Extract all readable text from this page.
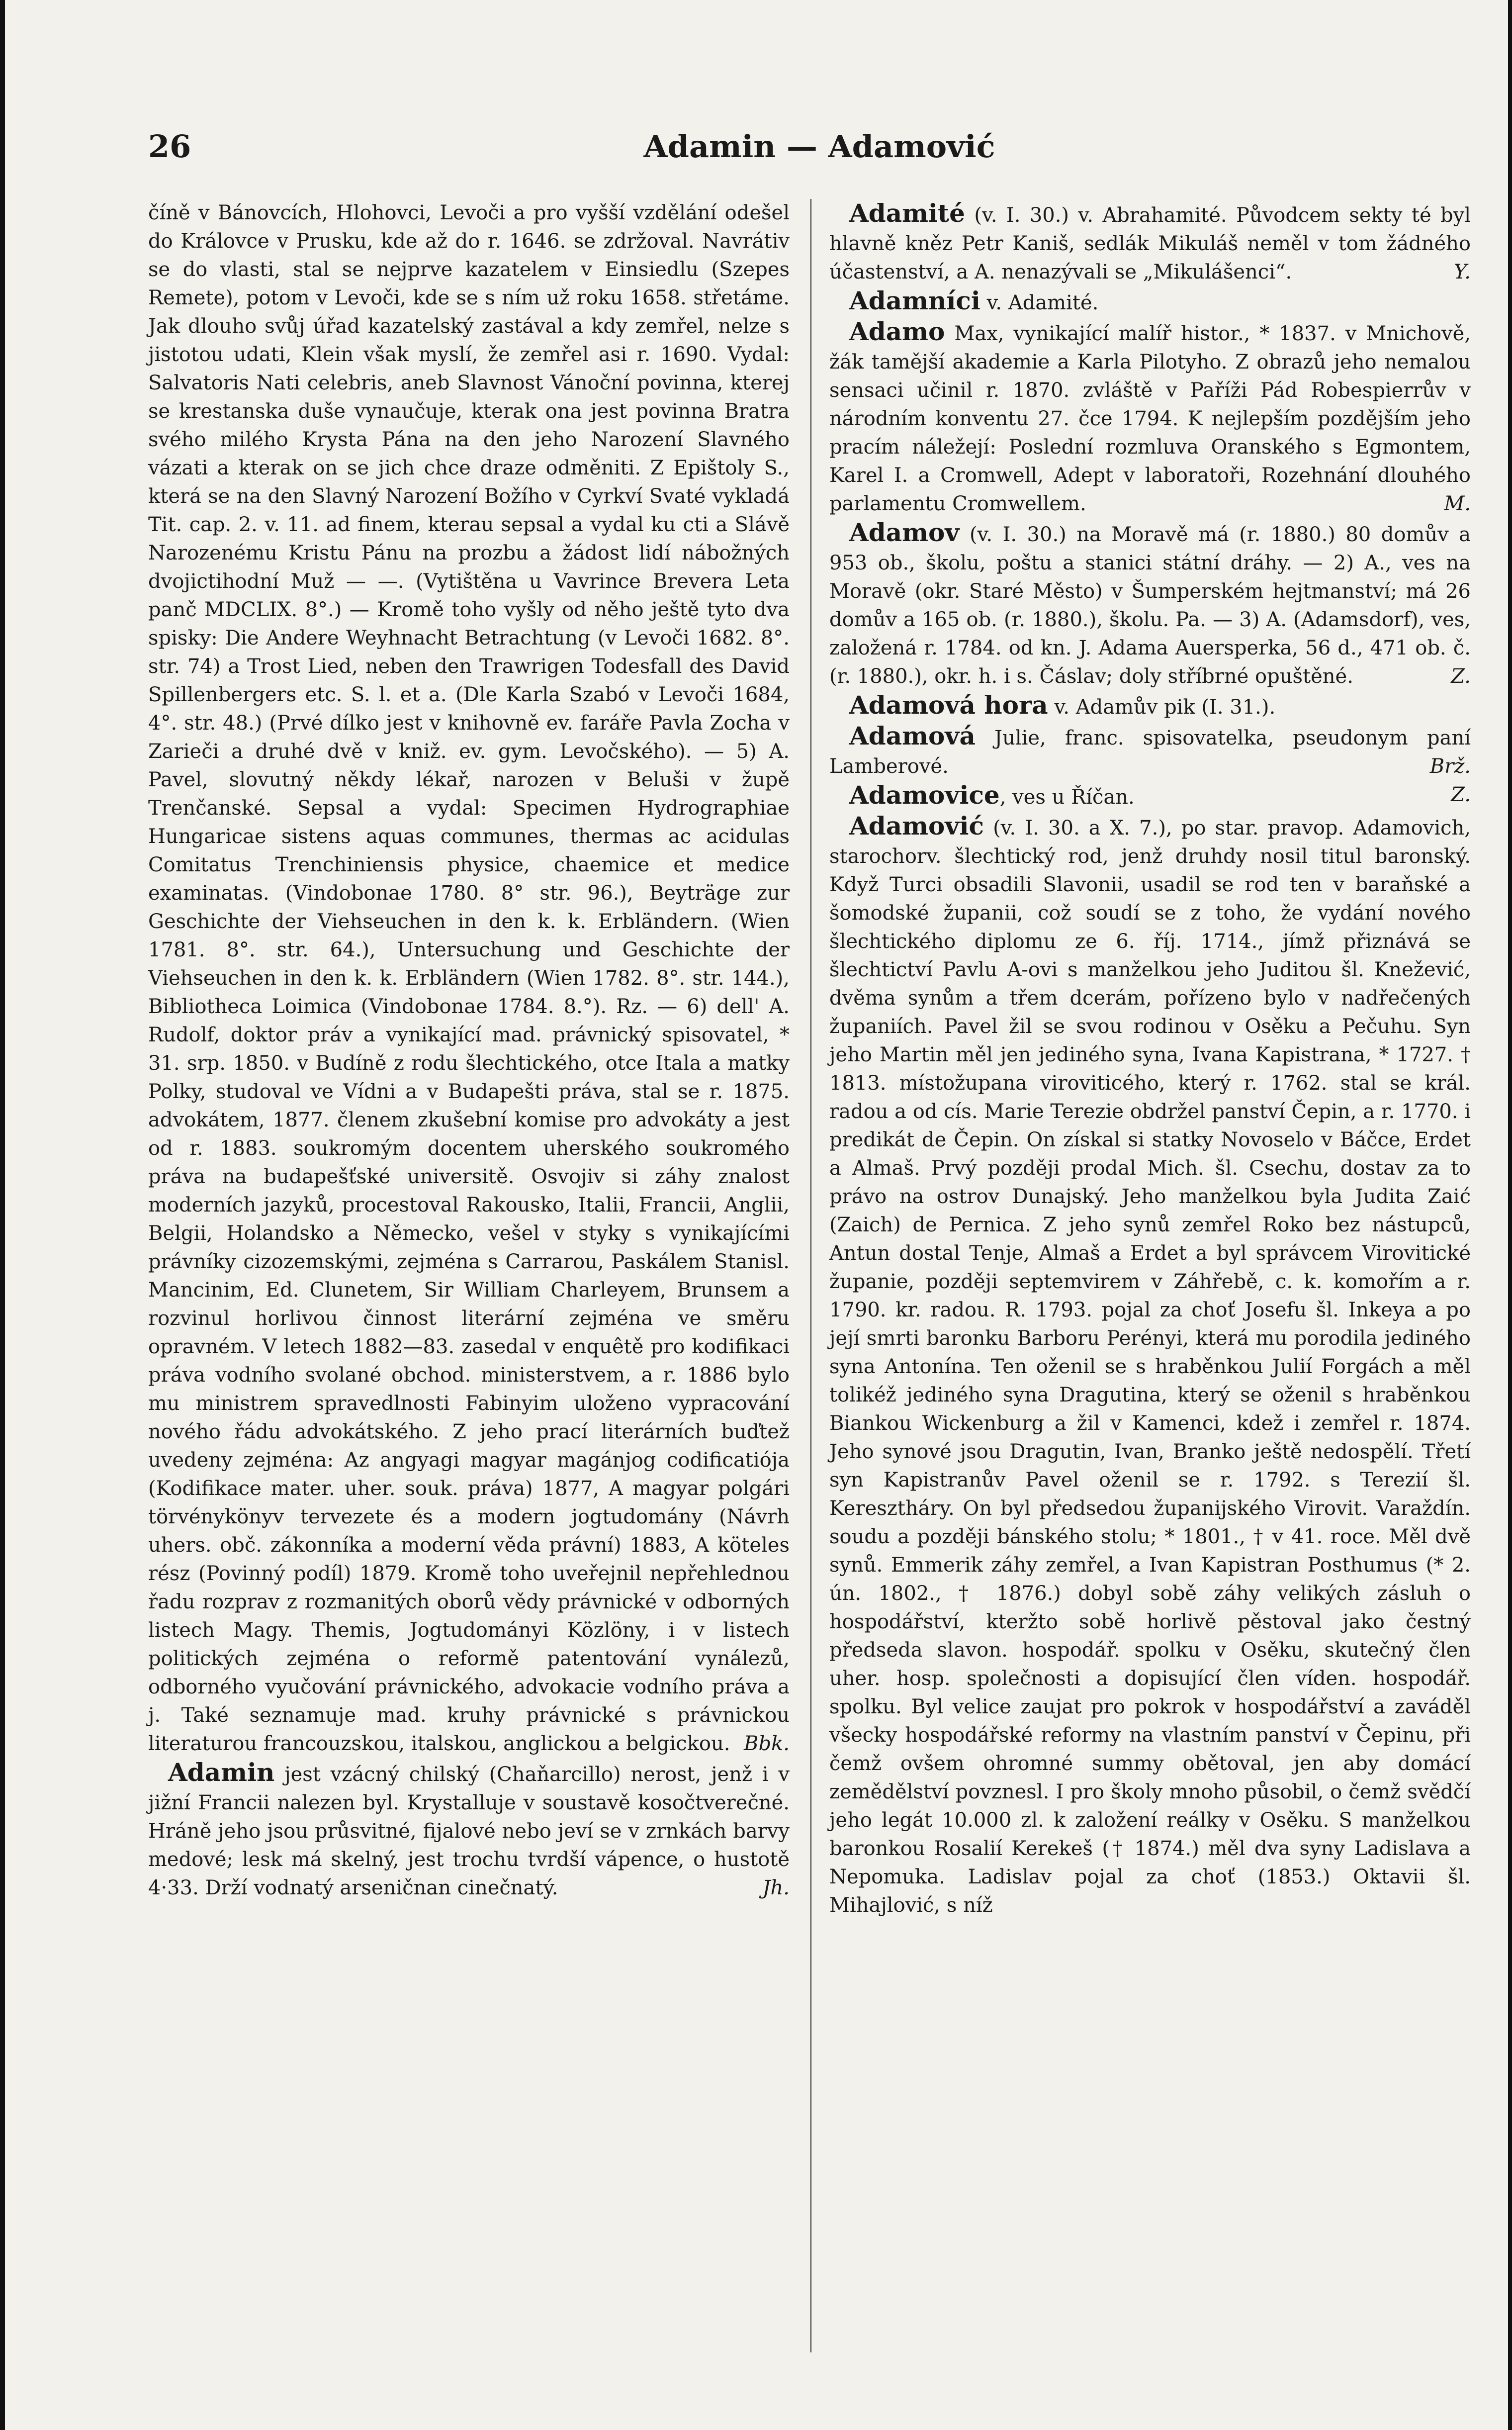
26	Adamin — Adamović

číně v Bánovcích, Hlohovci, Levoči a pro vyšší vzdělání odešel do Královce v Prusku, kde až do r. 1646. se zdržoval. Navrátiv se do vlasti, stal se nejprve kazatelem v Einsiedlu (Szepes Remete), potom v Levoči, kde se s ním už roku 1658. střetáme. Jak dlouho svůj úřad kazatelský zastával a kdy zemřel, nelze s jistotou udati, Klein však myslí, že zemřel asi r. 1690. Vydal: Salvatoris Nati celebris, aneb Slavnost Vánoční povinna, kterej se krestanska duše vynaučuje, kterak ona jest povinna Bratra svého milého Krysta Pána na den jeho Narození Slavného vázati a kterak on se jich chce draze odměniti. Z Epištoly S., která se na den Slavný Narození Božího v Cyrkví Svaté vykladá Tit. cap. 2. v. 11. ad finem, kterau sepsal a vydal ku cti a Slávě Narozenému Kristu Pánu na prozbu a žádost lidí nábožných dvojictihodní Muž — —. (Vytištěna u Vavrince Brevera Leta panč MDCLIX. 8°.) — Kromě toho vyšly od něho ještě tyto dva spisky: Die Andere Weyhnacht Betrachtung (v Levoči 1682. 8°. str. 74) a Trost Lied, neben den Trawrigen Todesfall des David Spillenbergers etc. S. l. et a. (Dle Karla Szabó v Levoči 1684, 4°. str. 48.) (Prvé dílko jest v knihovně ev. faráře Pavla Zocha v Zarieči a druhé dvě v kniž. ev. gym. Levočského). — 5) A. Pavel, slovutný někdy lékař, narozen v Beluši v župě Trenčanské. Sepsal a vydal: Specimen Hydrographiae Hungaricae sistens aquas communes, thermas ac acidulas Comitatus Trenchiniensis physice, chaemice et medice examinatas. (Vindobonae 1780. 8° str. 96.), Beyträge zur Geschichte der Viehseuchen in den k. k. Erbländern. (Wien 1781. 8°. str. 64.), Untersuchung und Geschichte der Viehseuchen in den k. k. Erbländern (Wien 1782. 8°. str. 144.), Bibliotheca Loimica (Vindobonae 1784. 8.°). Rz. — 6) dell' A. Rudolf, doktor práv a vynikající mad. právnický spisovatel, * 31. srp. 1850. v Budíně z rodu šlechtického, otce Itala a matky Polky, studoval ve Vídni a v Budapešti práva, stal se r. 1875. advokátem, 1877. členem zkušební komise pro advokáty a jest od r. 1883. soukromým docentem uherského soukromého práva na budapešťské universitě. Osvojiv si záhy znalost moderních jazyků, procestoval Rakousko, Italii, Francii, Anglii, Belgii, Holandsko a Německo, vešel v styky s vynikajícími právníky cizozemskými, zejména s Carrarou, Paskálem Stanisl. Mancinim, Ed. Clunetem, Sir William Charleyem, Brunsem a rozvinul horlivou činnost literární zejména ve směru opravném. V letech 1882—83. zasedal v enquêtě pro kodifikaci práva vodního svolané obchod. ministerstvem, a r. 1886 bylo mu ministrem spravedlnosti Fabinyim uloženo vypracování nového řádu advokátského. Z jeho prací literárních buďtež uvedeny zejména: Az angyagi magyar magánjog codificatiója (Kodifikace mater. uher. souk. práva) 1877, A magyar polgári törvénykönyv tervezete és a modern jogtudomány (Návrh uhers. obč. zákonníka a moderní věda právní) 1883, A köteles rész (Povinný podíl) 1879. Kromě toho uveřejnil nepřehlednou řadu rozprav z rozmanitých oborů vědy právnické v odborných listech Magy. Themis, Jogtudományi Közlöny, i v listech politických zejména o reformě patentování vynálezů, odborného vyučování právnického, advokacie vodního práva a j. Také seznamuje mad. kruhy právnické s právnickou literaturou francouzskou, italskou, anglickou a belgickou. Bbk.

Adamin jest vzácný chilský (Chaňarcillo) nerost, jenž i v jižní Francii nalezen byl. Krystalluje v soustavě kosočtverečné. Hráně jeho jsou průsvitné, fijalové nebo jeví se v zrnkách barvy medové; lesk má skelný, jest trochu tvrdší vápence, o hustotě 4·33. Drží vodnatý arseničnan cinečnatý.	Jh.

Adamité (v. I. 30.) v. Abrahamité. Původcem sekty té byl hlavně kněz Petr Kaniš, sedlák Mikuláš neměl v tom žádného účastenství, a A. nenazývali se „Mikulášenci“.	Y.

Adamníci v. Adamité.

Adamo Max, vynikající malíř histor., * 1837. v Mnichově, žák tamější akademie a Karla Pilotyho. Z obrazů jeho nemalou sensaci učinil r. 1870. zvláště v Paříži Pád Robespierrův v národním konventu 27. čce 1794. K nejlepším pozdějším jeho pracím náležejí: Poslední rozmluva Oranského s Egmontem, Karel I. a Cromwell, Adept v laboratoři, Rozehnání dlouhého parlamentu Cromwellem.	M.

Adamov (v. I. 30.) na Moravě má (r. 1880.) 80 domův a 953 ob., školu, poštu a stanici státní dráhy. — 2) A., ves na Moravě (okr. Staré Město) v Šumperském hejtmanství; má 26 domův a 165 ob. (r. 1880.), školu. Pa. — 3) A. (Adamsdorf), ves, založená r. 1784. od kn. J. Adama Auersperka, 56 d., 471 ob. č. (r. 1880.), okr. h. i s. Čáslav; doly stříbrné opuštěné.	Z.

Adamová hora v. Adamův pik (I. 31.).

Adamová Julie, franc. spisovatelka, pseudonym paní Lamberové.	Brž.

Adamovice, ves u Říčan.	Z.

Adamović (v. I. 30. a X. 7.), po star. pravop. Adamovich, starochorv. šlechtický rod, jenž druhdy nosil titul baronský. Když Turci obsadili Slavonii, usadil se rod ten v baraňské a šomodské županii, což soudí se z toho, že vydání nového šlechtického diplomu ze 6. říj. 1714., jímž přiznává se šlechtictví Pavlu A-ovi s manželkou jeho Juditou šl. Knežević, dvěma synům a třem dcerám, pořízeno bylo v nadřečených županiích. Pavel žil se svou rodinou v Osěku a Pečuhu. Syn jeho Martin měl jen jediného syna, Ivana Kapistrana, * 1727. † 1813. místožupana viroviticého, který r. 1762. stal se král. radou a od cís. Marie Terezie obdržel panství Čepin, a r. 1770. i predikát de Čepin. On získal si statky Novoselo v Báčce, Erdet a Almaš. Prvý později prodal Mich. šl. Csechu, dostav za to právo na ostrov Dunajský. Jeho manželkou byla Judita Zaić (Zaich) de Pernica. Z jeho synů zemřel Roko bez nástupců, Antun dostal Tenje, Almaš a Erdet a byl správcem Virovitické županie, později septemvirem v Záhřebě, c. k. komořím a r. 1790. kr. radou. R. 1793. pojal za choť Josefu šl. Inkeya a po její smrti baronku Barboru Perényi, která mu porodila jediného syna Antonína. Ten oženil se s hraběnkou Julií Forgách a měl tolikéž jediného syna Dragutina, který se oženil s hraběnkou Biankou Wickenburg a žil v Kamenci, kdež i zemřel r. 1874. Jeho synové jsou Dragutin, Ivan, Branko ještě nedospělí. Třetí syn Kapistranův Pavel oženil se r. 1792. s Terezií šl. Keresztháry. On byl předsedou županijského Virovit. Varaždín. soudu a později bánského stolu; * 1801., † v 41. roce. Měl dvě synů. Emmerik záhy zemřel, a Ivan Kapistran Posthumus (* 2. ún. 1802., † 1876.) dobyl sobě záhy velikých zásluh o hospodářství, kteržto sobě horlivě pěstoval jako čestný předseda slavon. hospodář. spolku v Osěku, skutečný člen uher. hosp. společnosti a dopisující člen víden. hospodář. spolku. Byl velice zaujat pro pokrok v hospodářství a zaváděl všecky hospodářské reformy na vlastním panství v Čepinu, při čemž ovšem ohromné summy obětoval, jen aby domácí zemědělství povznesl. I pro školy mnoho působil, o čemž svědčí jeho legát 10.000 zl. k založení reálky v Osěku. S manželkou baronkou Rosalií Kerekeš († 1874.) měl dva syny Ladislava a Nepomuka. Ladislav pojal za choť (1853.) Oktavii šl. Mihajlović, s níž
